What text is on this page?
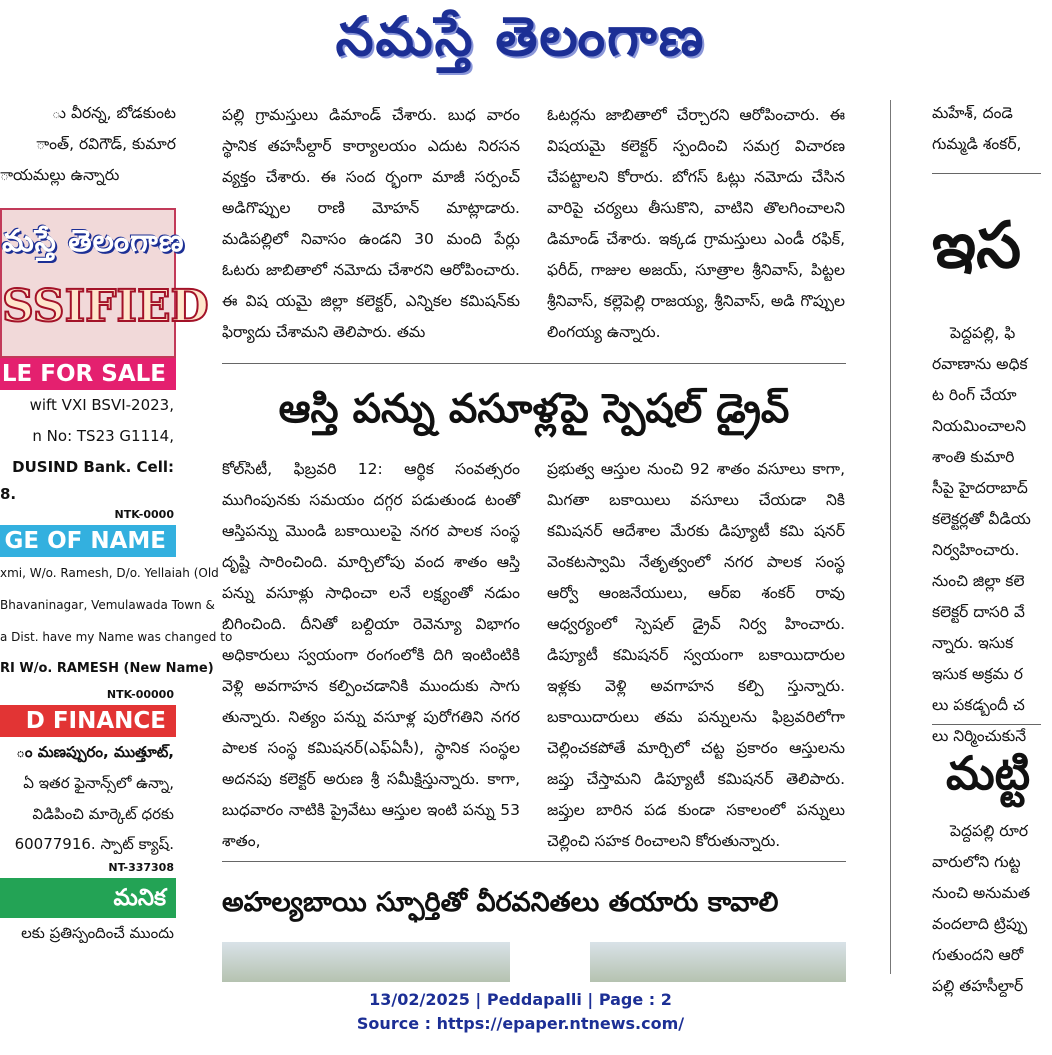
నమస్తే తెలంగాణ

ు వీరన్న, బోడకుంట

ాంత్, రవిగౌడ్, కుమార

ాయమల్లు ఉన్నారు

మస్తే తెలంగాణ
SSIFIED
LE FOR SALE
wift VXI BSVI-2023,
n No: TS23 G1114,
DUSIND Bank. Cell:
8.
NTK-0000
GE OF NAME
xmi, W/o. Ramesh, D/o. Yellaiah (Old
Bhavaninagar, Vemulawada Town &
a Dist. have my Name was changed to
RI W/o. RAMESH (New Name)
NTK-00000
D FINANCE
ం మణప్పురం, ముత్తూట్,
ఏ ఇతర ఫైనాన్స్‌లో ఉన్నా,
విడిపించి మార్కెట్ ధరకు
60077916. స్పాట్ క్యాష్.
NT-337308
మనిక
లకు ప్రతిస్పందించే ముందు

పల్లి గ్రామస్తులు డిమాండ్ చేశారు. బుధ వారం స్థానిక తహసీల్దార్ కార్యాలయం ఎదుట నిరసన వ్యక్తం చేశారు. ఈ సంద ర్భంగా మాజీ సర్పంచ్ అడిగొప్పుల రాణి మోహన్ మాట్లాడారు. మడిపల్లిలో నివాసం ఉండని 30 మంది పేర్లు ఓటరు జాబితాలో నమోదు చేశారని ఆరోపించారు. ఈ విష యమై జిల్లా కలెక్టర్, ఎన్నికల కమిషన్‌కు ఫిర్యాదు చేశామని తెలిపారు. తమ

ఓటర్లను జాబితాలో చేర్చారని ఆరోపించారు. ఈ విషయమై కలెక్టర్ స్పందించి సమగ్ర విచారణ చేపట్టాలని కోరారు. బోగస్ ఓట్లు నమోదు చేసిన వారిపై చర్యలు తీసుకొని, వాటిని తొలగించాలని డిమాండ్ చేశారు. ఇక్కడ గ్రామస్తులు ఎండీ రఫిక్, ఫరీద్, గాజుల అజయ్, సూత్రాల శ్రీనివాస్, పిట్టల శ్రీనివాస్, కల్లెపెల్లి రాజయ్య, శ్రీనివాస్, అడి గొప్పుల లింగయ్య ఉన్నారు.

ఆస్తి పన్ను వసూళ్లపై స్పెషల్ డ్రైవ్

కోల్‌సిటీ, ఫిబ్రవరి 12: ఆర్థిక సంవత్సరం ముగింపునకు సమయం దగ్గర పడుతుండ టంతో ఆస్తిపన్ను మొండి బకాయిలపై నగర పాలక సంస్థ దృష్టి సారించింది. మార్చిలోపు వంద శాతం ఆస్తి పన్ను వసూళ్లు సాధించా లనే లక్ష్యంతో నడుం బిగించింది. దీనితో బల్దియా రెవెన్యూ విభాగం అధికారులు స్వయంగా రంగంలోకి దిగి ఇంటింటికి వెళ్లి అవగాహన కల్పించడానికి ముందుకు సాగు తున్నారు. నిత్యం పన్ను వసూళ్ల పురోగతిని నగర పాలక సంస్థ కమిషనర్(ఎఫ్ఏసీ), స్థానిక సంస్థల అదనపు కలెక్టర్ అరుణ శ్రీ సమీక్షిస్తున్నారు. కాగా, బుధవారం నాటికి ప్రైవేటు ఆస్తుల ఇంటి పన్ను 53 శాతం,

ప్రభుత్వ ఆస్తుల నుంచి 92 శాతం వసూలు కాగా, మిగతా బకాయిలు వసూలు చేయడా నికి కమిషనర్ ఆదేశాల మేరకు డిప్యూటీ కమి షనర్ వెంకటస్వామి నేతృత్వంలో నగర పాలక సంస్థ ఆర్వో ఆంజనేయులు, ఆర్ఐ శంకర్ రావు ఆధ్వర్యంలో స్పెషల్ డ్రైవ్ నిర్వ హించారు. డిప్యూటీ కమిషనర్ స్వయంగా బకాయిదారుల ఇళ్లకు వెళ్లి అవగాహన కల్పి స్తున్నారు. బకాయిదారులు తమ పన్నులను ఫిబ్రవరిలోగా చెల్లించకపోతే మార్చిలో చట్ట ప్రకారం ఆస్తులను జప్తు చేస్తామని డిప్యూటీ కమిషనర్ తెలిపారు. జప్తుల బారిన పడ కుండా సకాలంలో పన్నులు చెల్లించి సహక రించాలని కోరుతున్నారు.

అహల్యబాయి స్ఫూర్తితో వీరవనితలు తయారు కావాలి
మహేశ్, దండె
గుమ్మడి శంకర్,
ఇస
పెద్దపల్లి, ఫి
రవాణాను అధిక
ట రింగ్ చేయా
నియమించాలని
శాంతి కుమారి
సీపై హైదరాబాద్
కలెక్టర్లతో వీడియ
నిర్వహించారు.
నుంచి జిల్లా కలె
కలెక్టర్ దాసరి వే
న్నారు. ఇసుక
ఇసుక అక్రమ ర
లు పకడ్బందీ చ
లు నిర్మించుకునే
మట్టి
పెద్దపల్లి రూర
వారులోని గుట్ట
నుంచి అనుమత
వందలాది ట్రిప్పు
గుతుందని ఆరో
పల్లి తహసీల్దార్
13/02/2025 | Peddapalli | Page : 2
Source : https://epaper.ntnews.com/
